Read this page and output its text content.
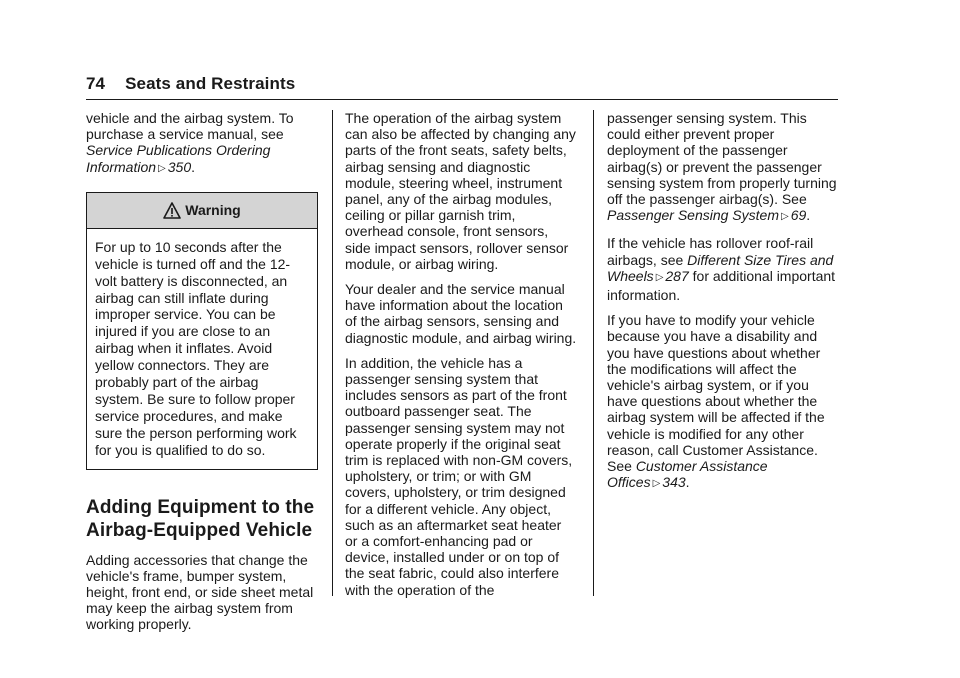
74 Seats and Restraints

vehicle and the airbag system. To purchase a service manual, see Service Publications Ordering Information ▷ 350.

Warning
For up to 10 seconds after the vehicle is turned off and the 12-volt battery is disconnected, an airbag can still inflate during improper service. You can be injured if you are close to an airbag when it inflates. Avoid yellow connectors. They are probably part of the airbag system. Be sure to follow proper service procedures, and make sure the person performing work for you is qualified to do so.
Adding Equipment to the Airbag-Equipped Vehicle

Adding accessories that change the vehicle's frame, bumper system, height, front end, or side sheet metal may keep the airbag system from working properly.

The operation of the airbag system can also be affected by changing any parts of the front seats, safety belts, airbag sensing and diagnostic module, steering wheel, instrument panel, any of the airbag modules, ceiling or pillar garnish trim, overhead console, front sensors, side impact sensors, rollover sensor module, or airbag wiring.

Your dealer and the service manual have information about the location of the airbag sensors, sensing and diagnostic module, and airbag wiring.

In addition, the vehicle has a passenger sensing system that includes sensors as part of the front outboard passenger seat. The passenger sensing system may not operate properly if the original seat trim is replaced with non-GM covers, upholstery, or trim; or with GM covers, upholstery, or trim designed for a different vehicle. Any object, such as an aftermarket seat heater or a comfort-enhancing pad or device, installed under or on top of the seat fabric, could also interfere with the operation of the

passenger sensing system. This could either prevent proper deployment of the passenger airbag(s) or prevent the passenger sensing system from properly turning off the passenger airbag(s). See Passenger Sensing System ▷ 69.

If the vehicle has rollover roof-rail airbags, see Different Size Tires and Wheels ▷ 287 for additional important information.

If you have to modify your vehicle because you have a disability and you have questions about whether the modifications will affect the vehicle's airbag system, or if you have questions about whether the airbag system will be affected if the vehicle is modified for any other reason, call Customer Assistance. See Customer Assistance Offices ▷ 343.
